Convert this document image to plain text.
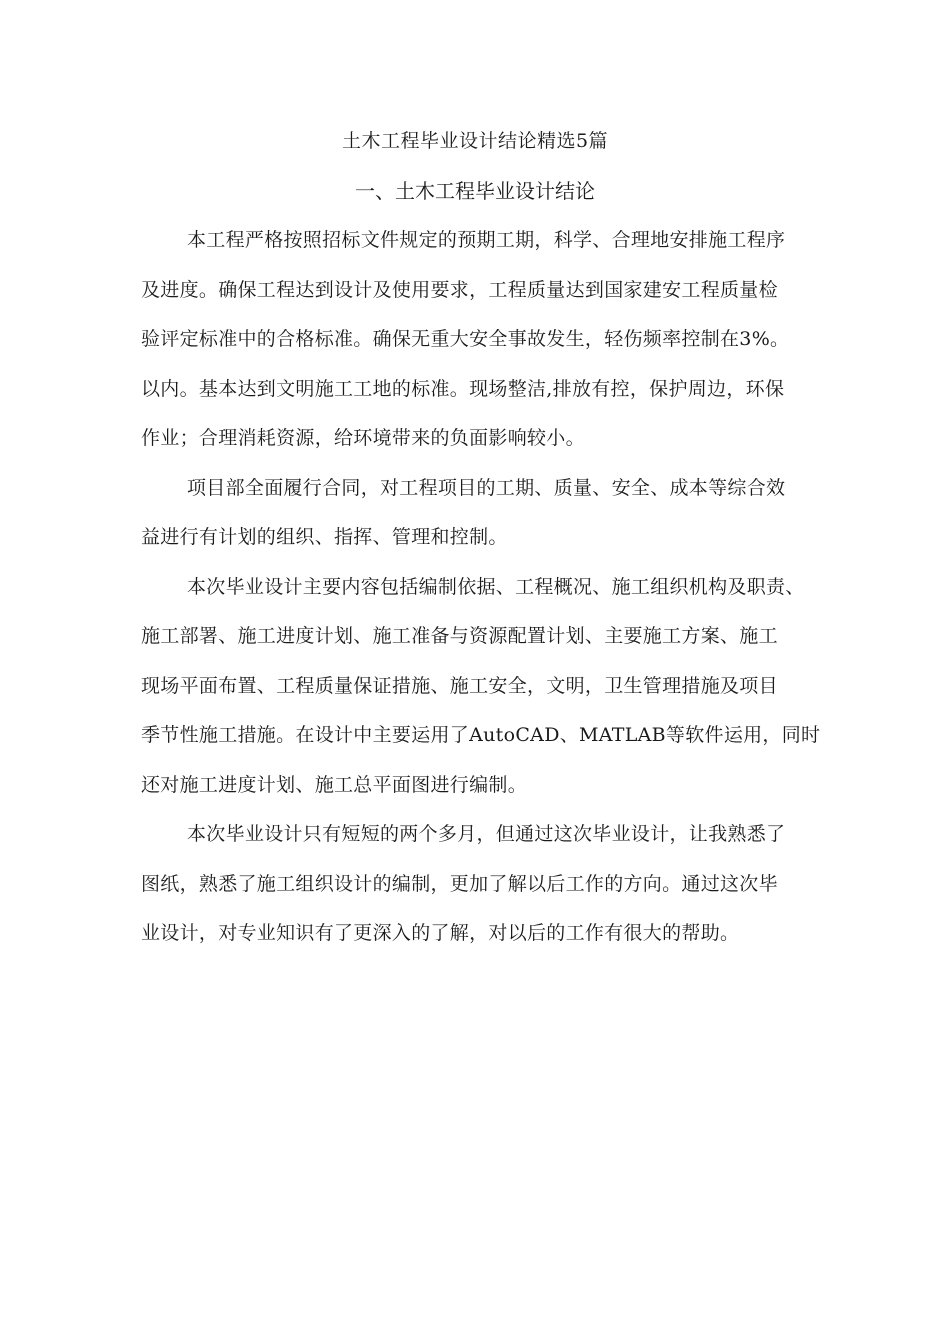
土木工程毕业设计结论精选5篇
一、土木工程毕业设计结论

本工程严格按照招标文件规定的预期工期，科学、合理地安排施工程序
及进度。确保工程达到设计及使用要求，工程质量达到国家建安工程质量检
验评定标准中的合格标准。确保无重大安全事故发生，轻伤频率控制在3%。
以内。基本达到文明施工工地的标准。现场整洁,排放有控，保护周边，环保
作业；合理消耗资源，给环境带来的负面影响较小。

项目部全面履行合同，对工程项目的工期、质量、安全、成本等综合效
益进行有计划的组织、指挥、管理和控制。

本次毕业设计主要内容包括编制依据、工程概况、施工组织机构及职责、
施工部署、施工进度计划、施工准备与资源配置计划、主要施工方案、施工
现场平面布置、工程质量保证措施、施工安全，文明，卫生管理措施及项目
季节性施工措施。在设计中主要运用了AutoCAD、MATLAB等软件运用，同时
还对施工进度计划、施工总平面图进行编制。

本次毕业设计只有短短的两个多月，但通过这次毕业设计，让我熟悉了
图纸，熟悉了施工组织设计的编制，更加了解以后工作的方向。通过这次毕
业设计，对专业知识有了更深入的了解，对以后的工作有很大的帮助。
